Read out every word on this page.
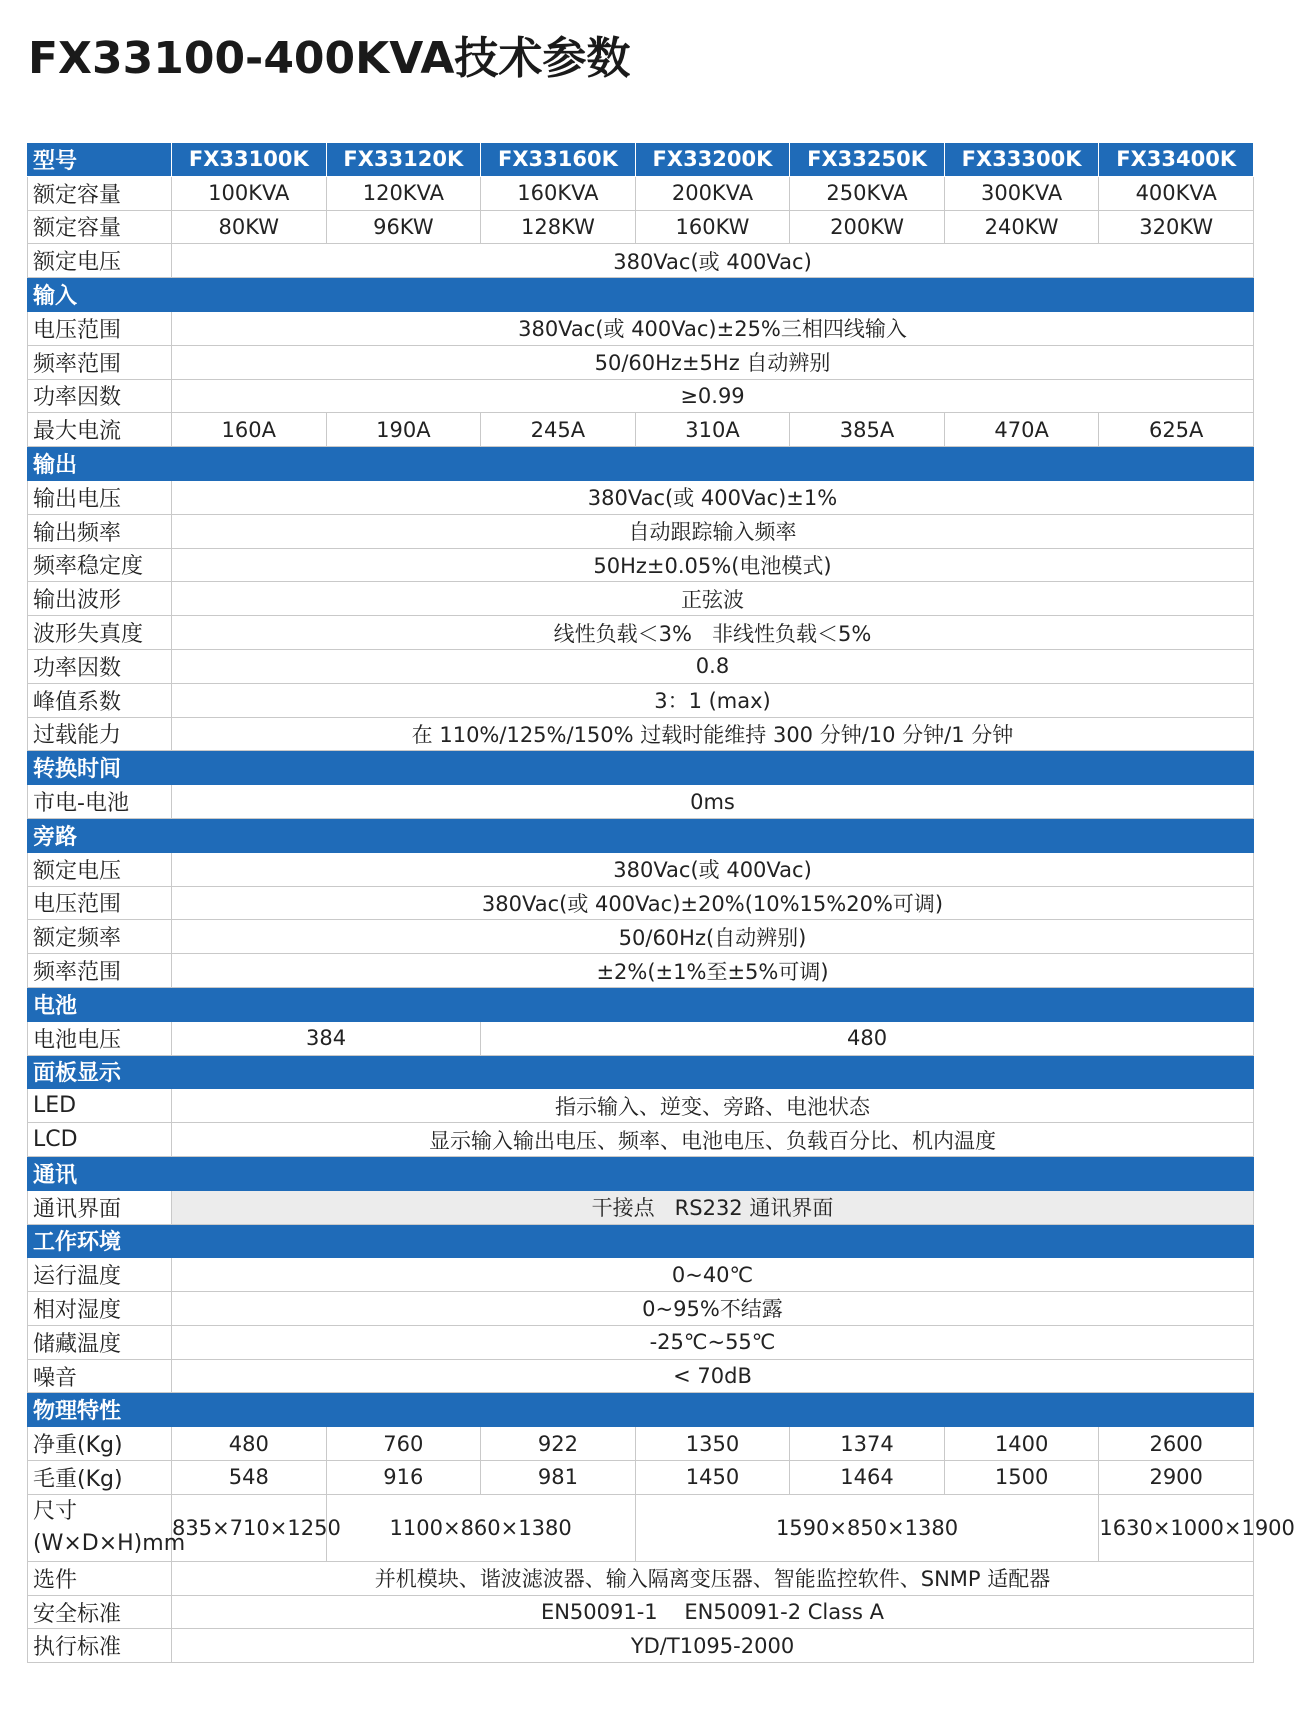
FX33100-400KVA技术参数
型号	FX33100K	FX33120K	FX33160K	FX33200K	FX33250K	FX33300K	FX33400K
额定容量	100KVA	120KVA	160KVA	200KVA	250KVA	300KVA	400KVA
额定容量	80KW	96KW	128KW	160KW	200KW	240KW	320KW
额定电压	380Vac(或 400Vac)						
输入							
电压范围	380Vac(或 400Vac)±25%三相四线输入						
频率范围	50/60Hz±5Hz 自动辨别						
功率因数	≥0.99						
最大电流	160A	190A	245A	310A	385A	470A	625A
输出							
输出电压	380Vac(或 400Vac)±1%						
输出频率	自动跟踪输入频率						
频率稳定度	50Hz±0.05%(电池模式)						
输出波形	正弦波						
波形失真度	线性负载＜3%   非线性负载＜5%						
功率因数	0.8						
峰值系数	3：1 (max)						
过载能力	在 110%/125%/150% 过载时能维持 300 分钟/10 分钟/1 分钟						
转换时间							
市电-电池	0ms						
旁路							
额定电压	380Vac(或 400Vac)						
电压范围	380Vac(或 400Vac)±20%(10%15%20%可调)						
额定频率	50/60Hz(自动辨别)						
频率范围	±2%(±1%至±5%可调)						
电池							
电池电压	384		480				
面板显示							
LED	指示输入、逆变、旁路、电池状态						
LCD	显示输入输出电压、频率、电池电压、负载百分比、机内温度						
通讯							
通讯界面	干接点   RS232 通讯界面						
工作环境							
运行温度	0~40℃						
相对湿度	0~95%不结露						
储藏温度	-25℃~55℃						
噪音	< 70dB						
物理特性							
净重(Kg)	480	760	922	1350	1374	1400	2600
毛重(Kg)	548	916	981	1450	1464	1500	2900
尺寸(W×D×H)mm	835×710×1250	1100×860×1380		1590×850×1380			1630×1000×1900
选件	并机模块、谐波滤波器、输入隔离变压器、智能监控软件、SNMP 适配器						
安全标准	EN50091-1    EN50091-2 Class A						
执行标准	YD/T1095-2000						
